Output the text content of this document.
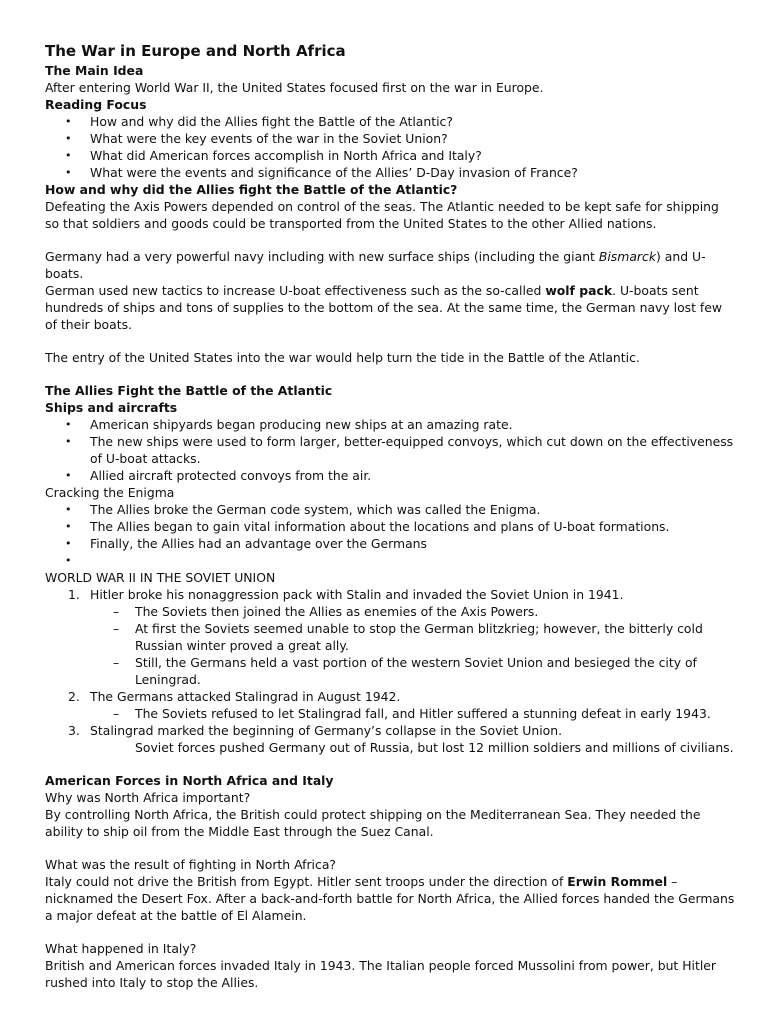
The War in Europe and North Africa

The Main Idea

After entering World War II, the United States focused first on the war in Europe.

Reading Focus

• How and why did the Allies fight the Battle of the Atlantic?
• What were the key events of the war in the Soviet Union?
• What did American forces accomplish in North Africa and Italy?
• What were the events and significance of the Allies’ D-Day invasion of France?

How and why did the Allies fight the Battle of the Atlantic?

Defeating the Axis Powers depended on control of the seas. The Atlantic needed to be kept safe for shipping so that soldiers and goods could be transported from the United States to the other Allied nations.

Germany had a very powerful navy including with new surface ships (including the giant Bismarck) and U-boats.

German used new tactics to increase U-boat effectiveness such as the so-called wolf pack. U-boats sent hundreds of ships and tons of supplies to the bottom of the sea. At the same time, the German navy lost few of their boats.

The entry of the United States into the war would help turn the tide in the Battle of the Atlantic.

The Allies Fight the Battle of the Atlantic

Ships and aircrafts

• American shipyards began producing new ships at an amazing rate.
• The new ships were used to form larger, better-equipped convoys, which cut down on the effectiveness of U-boat attacks.
• Allied aircraft protected convoys from the air.

Cracking the Enigma

• The Allies broke the German code system, which was called the Enigma.
• The Allies began to gain vital information about the locations and plans of U-boat formations.
• Finally, the Allies had an advantage over the Germans
•

WORLD WAR II IN THE SOVIET UNION

1. Hitler broke his nonaggression pack with Stalin and invaded the Soviet Union in 1941.
– The Soviets then joined the Allies as enemies of the Axis Powers.
– At first the Soviets seemed unable to stop the German blitzkrieg; however, the bitterly cold Russian winter proved a great ally.
– Still, the Germans held a vast portion of the western Soviet Union and besieged the city of Leningrad.
2. The Germans attacked Stalingrad in August 1942.
– The Soviets refused to let Stalingrad fall, and Hitler suffered a stunning defeat in early 1943.
3. Stalingrad marked the beginning of Germany’s collapse in the Soviet Union.

Soviet forces pushed Germany out of Russia, but lost 12 million soldiers and millions of civilians.

American Forces in North Africa and Italy

Why was North Africa important?

By controlling North Africa, the British could protect shipping on the Mediterranean Sea. They needed the ability to ship oil from the Middle East through the Suez Canal.

What was the result of fighting in North Africa?

Italy could not drive the British from Egypt. Hitler sent troops under the direction of Erwin Rommel – nicknamed the Desert Fox. After a back-and-forth battle for North Africa, the Allied forces handed the Germans a major defeat at the battle of El Alamein.

What happened in Italy?

British and American forces invaded Italy in 1943. The Italian people forced Mussolini from power, but Hitler rushed into Italy to stop the Allies.
